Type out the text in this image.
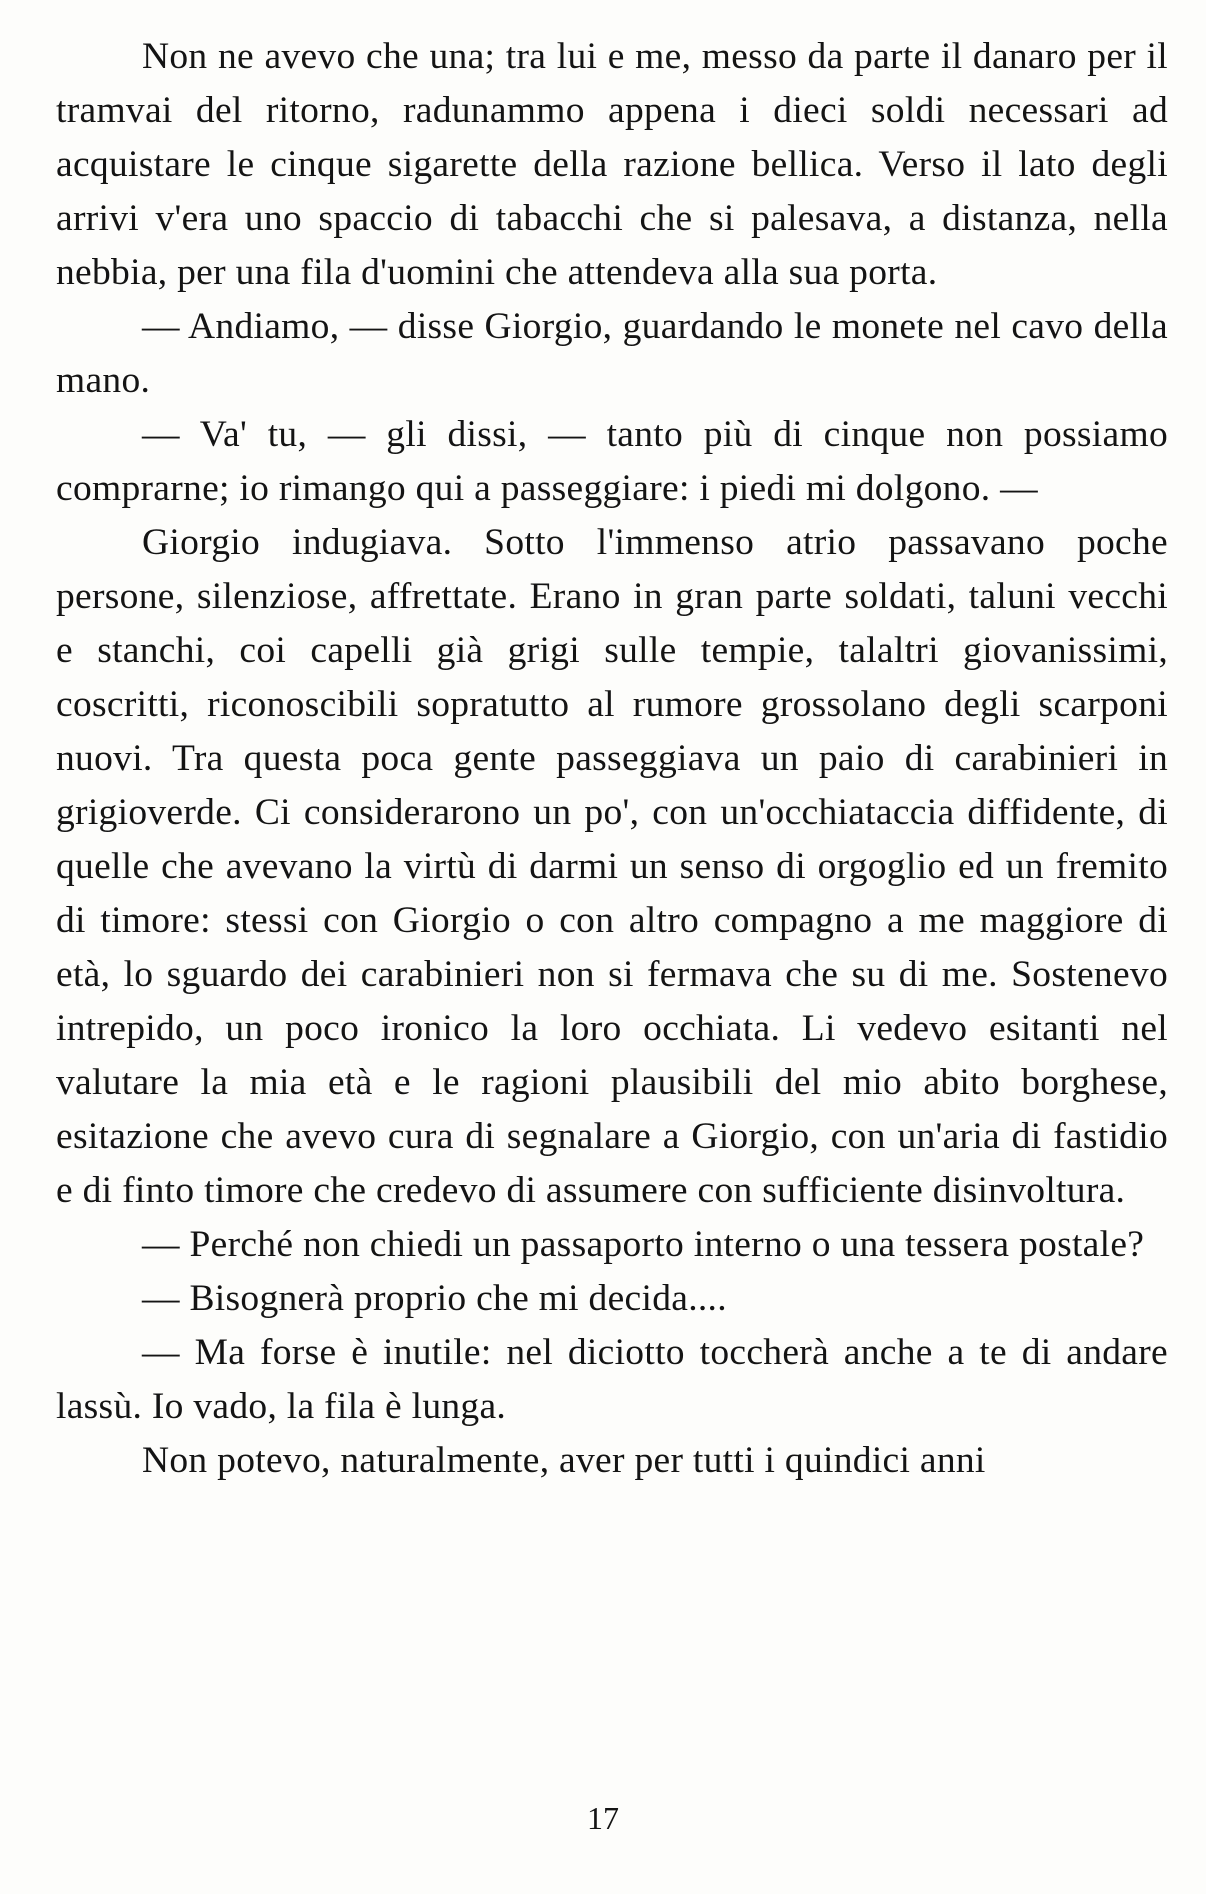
Non ne avevo che una; tra lui e me, messo da parte il danaro per il tramvai del ritorno, radunammo appena i dieci soldi necessari ad acquistare le cinque sigarette della razione bellica. Verso il lato degli arrivi v'era uno spaccio di tabacchi che si palesava, a distanza, nella nebbia, per una fila d'uomini che attendeva alla sua porta.

— Andiamo, — disse Giorgio, guardando le monete nel cavo della mano.

— Va' tu, — gli dissi, — tanto più di cinque non possiamo comprarne; io rimango qui a passeggiare: i piedi mi dolgono. —

Giorgio indugiava. Sotto l'immenso atrio passavano poche persone, silenziose, affrettate. Erano in gran parte soldati, taluni vecchi e stanchi, coi capelli già grigi sulle tempie, talaltri giovanissimi, coscritti, riconoscibili sopratutto al rumore grossolano degli scarponi nuovi. Tra questa poca gente passeggiava un paio di carabinieri in grigioverde. Ci considerarono un po', con un'occhiataccia diffidente, di quelle che avevano la virtù di darmi un senso di orgoglio ed un fremito di timore: stessi con Giorgio o con altro compagno a me maggiore di età, lo sguardo dei carabinieri non si fermava che su di me. Sostenevo intrepido, un poco ironico la loro occhiata. Li vedevo esitanti nel valutare la mia età e le ragioni plausibili del mio abito borghese, esitazione che avevo cura di segnalare a Giorgio, con un'aria di fastidio e di finto timore che credevo di assumere con sufficiente disinvoltura.

— Perché non chiedi un passaporto interno o una tessera postale?

— Bisognerà proprio che mi decida....

— Ma forse è inutile: nel diciotto toccherà anche a te di andare lassù. Io vado, la fila è lunga.

Non potevo, naturalmente, aver per tutti i quindici anni

17
